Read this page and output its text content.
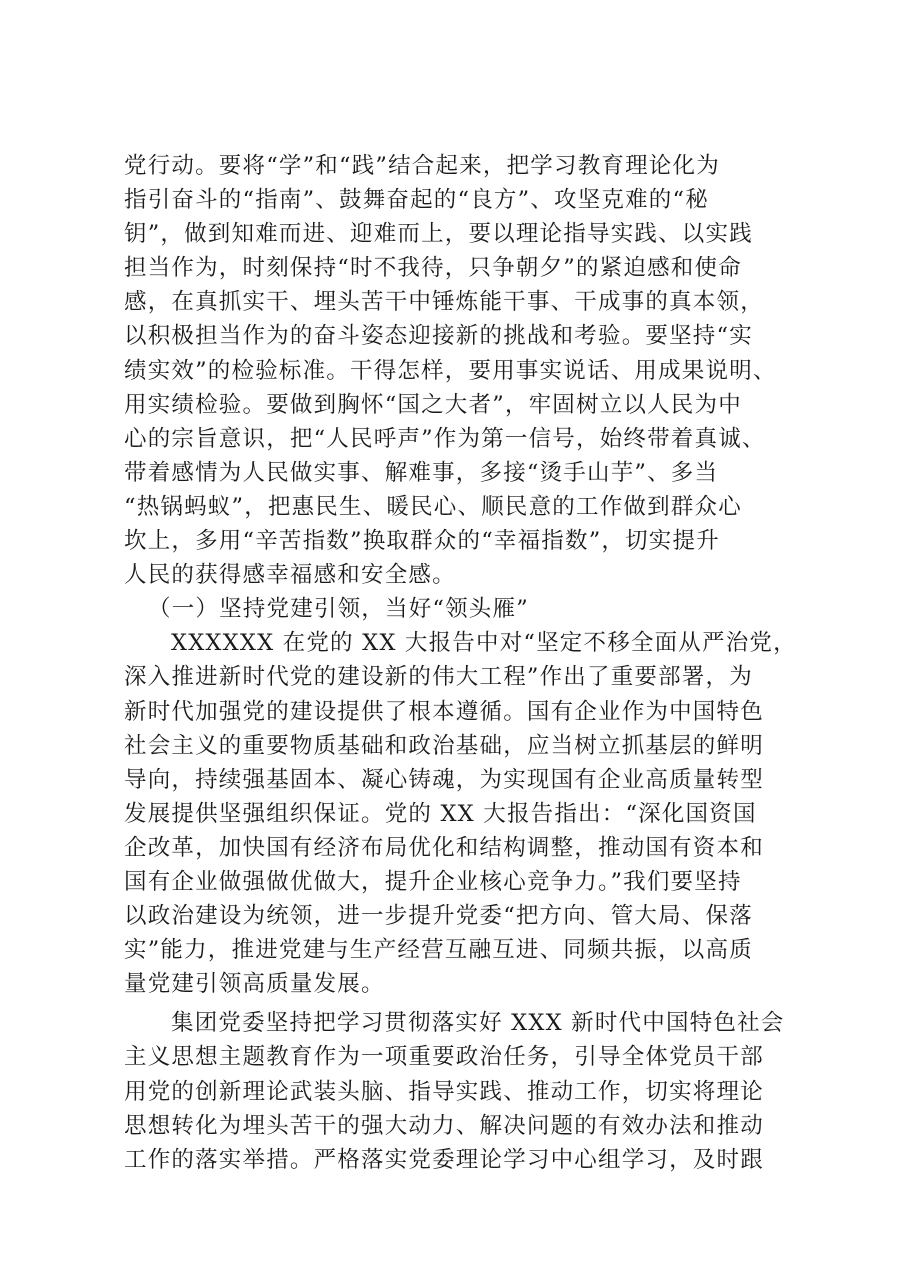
党行动。要将“学”和“践”结合起来，把学习教育理论化为
指引奋斗的“指南”、鼓舞奋起的“良方”、攻坚克难的“秘
钥”，做到知难而进、迎难而上，要以理论指导实践、以实践
担当作为，时刻保持“时不我待，只争朝夕”的紧迫感和使命
感，在真抓实干、埋头苦干中锤炼能干事、干成事的真本领，
以积极担当作为的奋斗姿态迎接新的挑战和考验。要坚持“实
绩实效”的检验标准。干得怎样，要用事实说话、用成果说明、
用实绩检验。要做到胸怀“国之大者”，牢固树立以人民为中
心的宗旨意识，把“人民呼声”作为第一信号，始终带着真诚、
带着感情为人民做实事、解难事，多接“烫手山芋”、多当
“热锅蚂蚁”，把惠民生、暖民心、顺民意的工作做到群众心
坎上，多用“辛苦指数”换取群众的“幸福指数”，切实提升
人民的获得感幸福感和安全感。
（一）坚持党建引领，当好“领头雁”
XXXXXX 在党的 XX 大报告中对“坚定不移全面从严治党，
深入推进新时代党的建设新的伟大工程”作出了重要部署，为
新时代加强党的建设提供了根本遵循。国有企业作为中国特色
社会主义的重要物质基础和政治基础，应当树立抓基层的鲜明
导向，持续强基固本、凝心铸魂，为实现国有企业高质量转型
发展提供坚强组织保证。党的 XX 大报告指出：“深化国资国
企改革，加快国有经济布局优化和结构调整，推动国有资本和
国有企业做强做优做大，提升企业核心竞争力。”我们要坚持
以政治建设为统领，进一步提升党委“把方向、管大局、保落
实”能力，推进党建与生产经营互融互进、同频共振，以高质
量党建引领高质量发展。
集团党委坚持把学习贯彻落实好 XXX 新时代中国特色社会
主义思想主题教育作为一项重要政治任务，引导全体党员干部
用党的创新理论武装头脑、指导实践、推动工作，切实将理论
思想转化为埋头苦干的强大动力、解决问题的有效办法和推动
工作的落实举措。严格落实党委理论学习中心组学习，及时跟
